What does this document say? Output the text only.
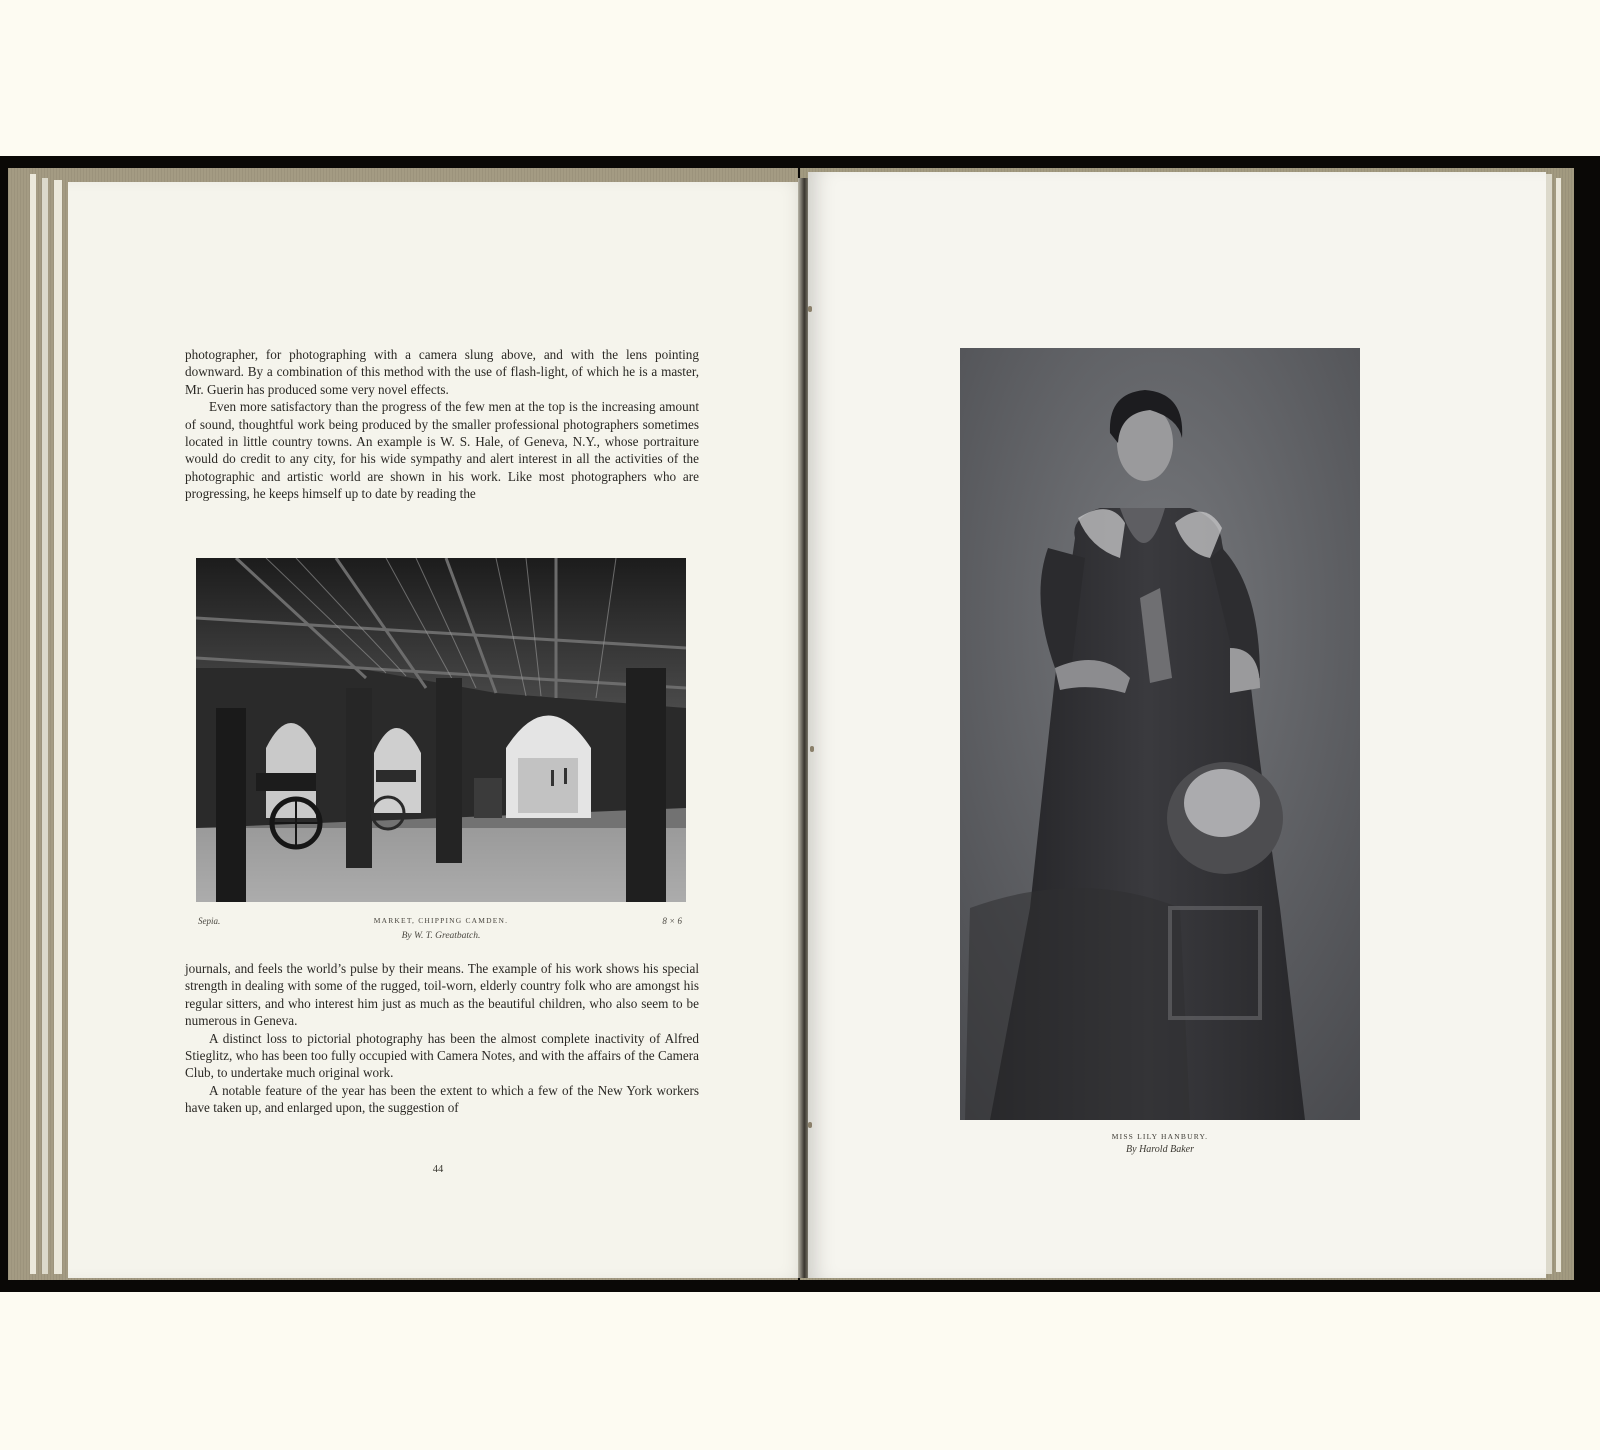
photographer, for photographing with a camera slung above, and with the lens pointing downward. By a combination of this method with the use of flash-light, of which he is a master, Mr. Guerin has produced some very novel effects.

Even more satisfactory than the progress of the few men at the top is the increasing amount of sound, thoughtful work being produced by the smaller professional photographers sometimes located in little country towns. An example is W. S. Hale, of Geneva, N.Y., whose portraiture would do credit to any city, for his wide sympathy and alert interest in all the activities of the photographic and artistic world are shown in his work. Like most photographers who are progressing, he keeps himself up to date by reading the

Sepia.	MARKET, CHIPPING CAMDEN.	8 × 6
By W. T. Greatbatch.

journals, and feels the world’s pulse by their means. The example of his work shows his special strength in dealing with some of the rugged, toil-worn, elderly country folk who are amongst his regular sitters, and who interest him just as much as the beautiful children, who also seem to be numerous in Geneva.

A distinct loss to pictorial photography has been the almost complete inactivity of Alfred Stieglitz, who has been too fully occupied with Camera Notes, and with the affairs of the Camera Club, to undertake much original work.

A notable feature of the year has been the extent to which a few of the New York workers have taken up, and enlarged upon, the suggestion of

44
MISS LILY HANBURY.
By Harold Baker
